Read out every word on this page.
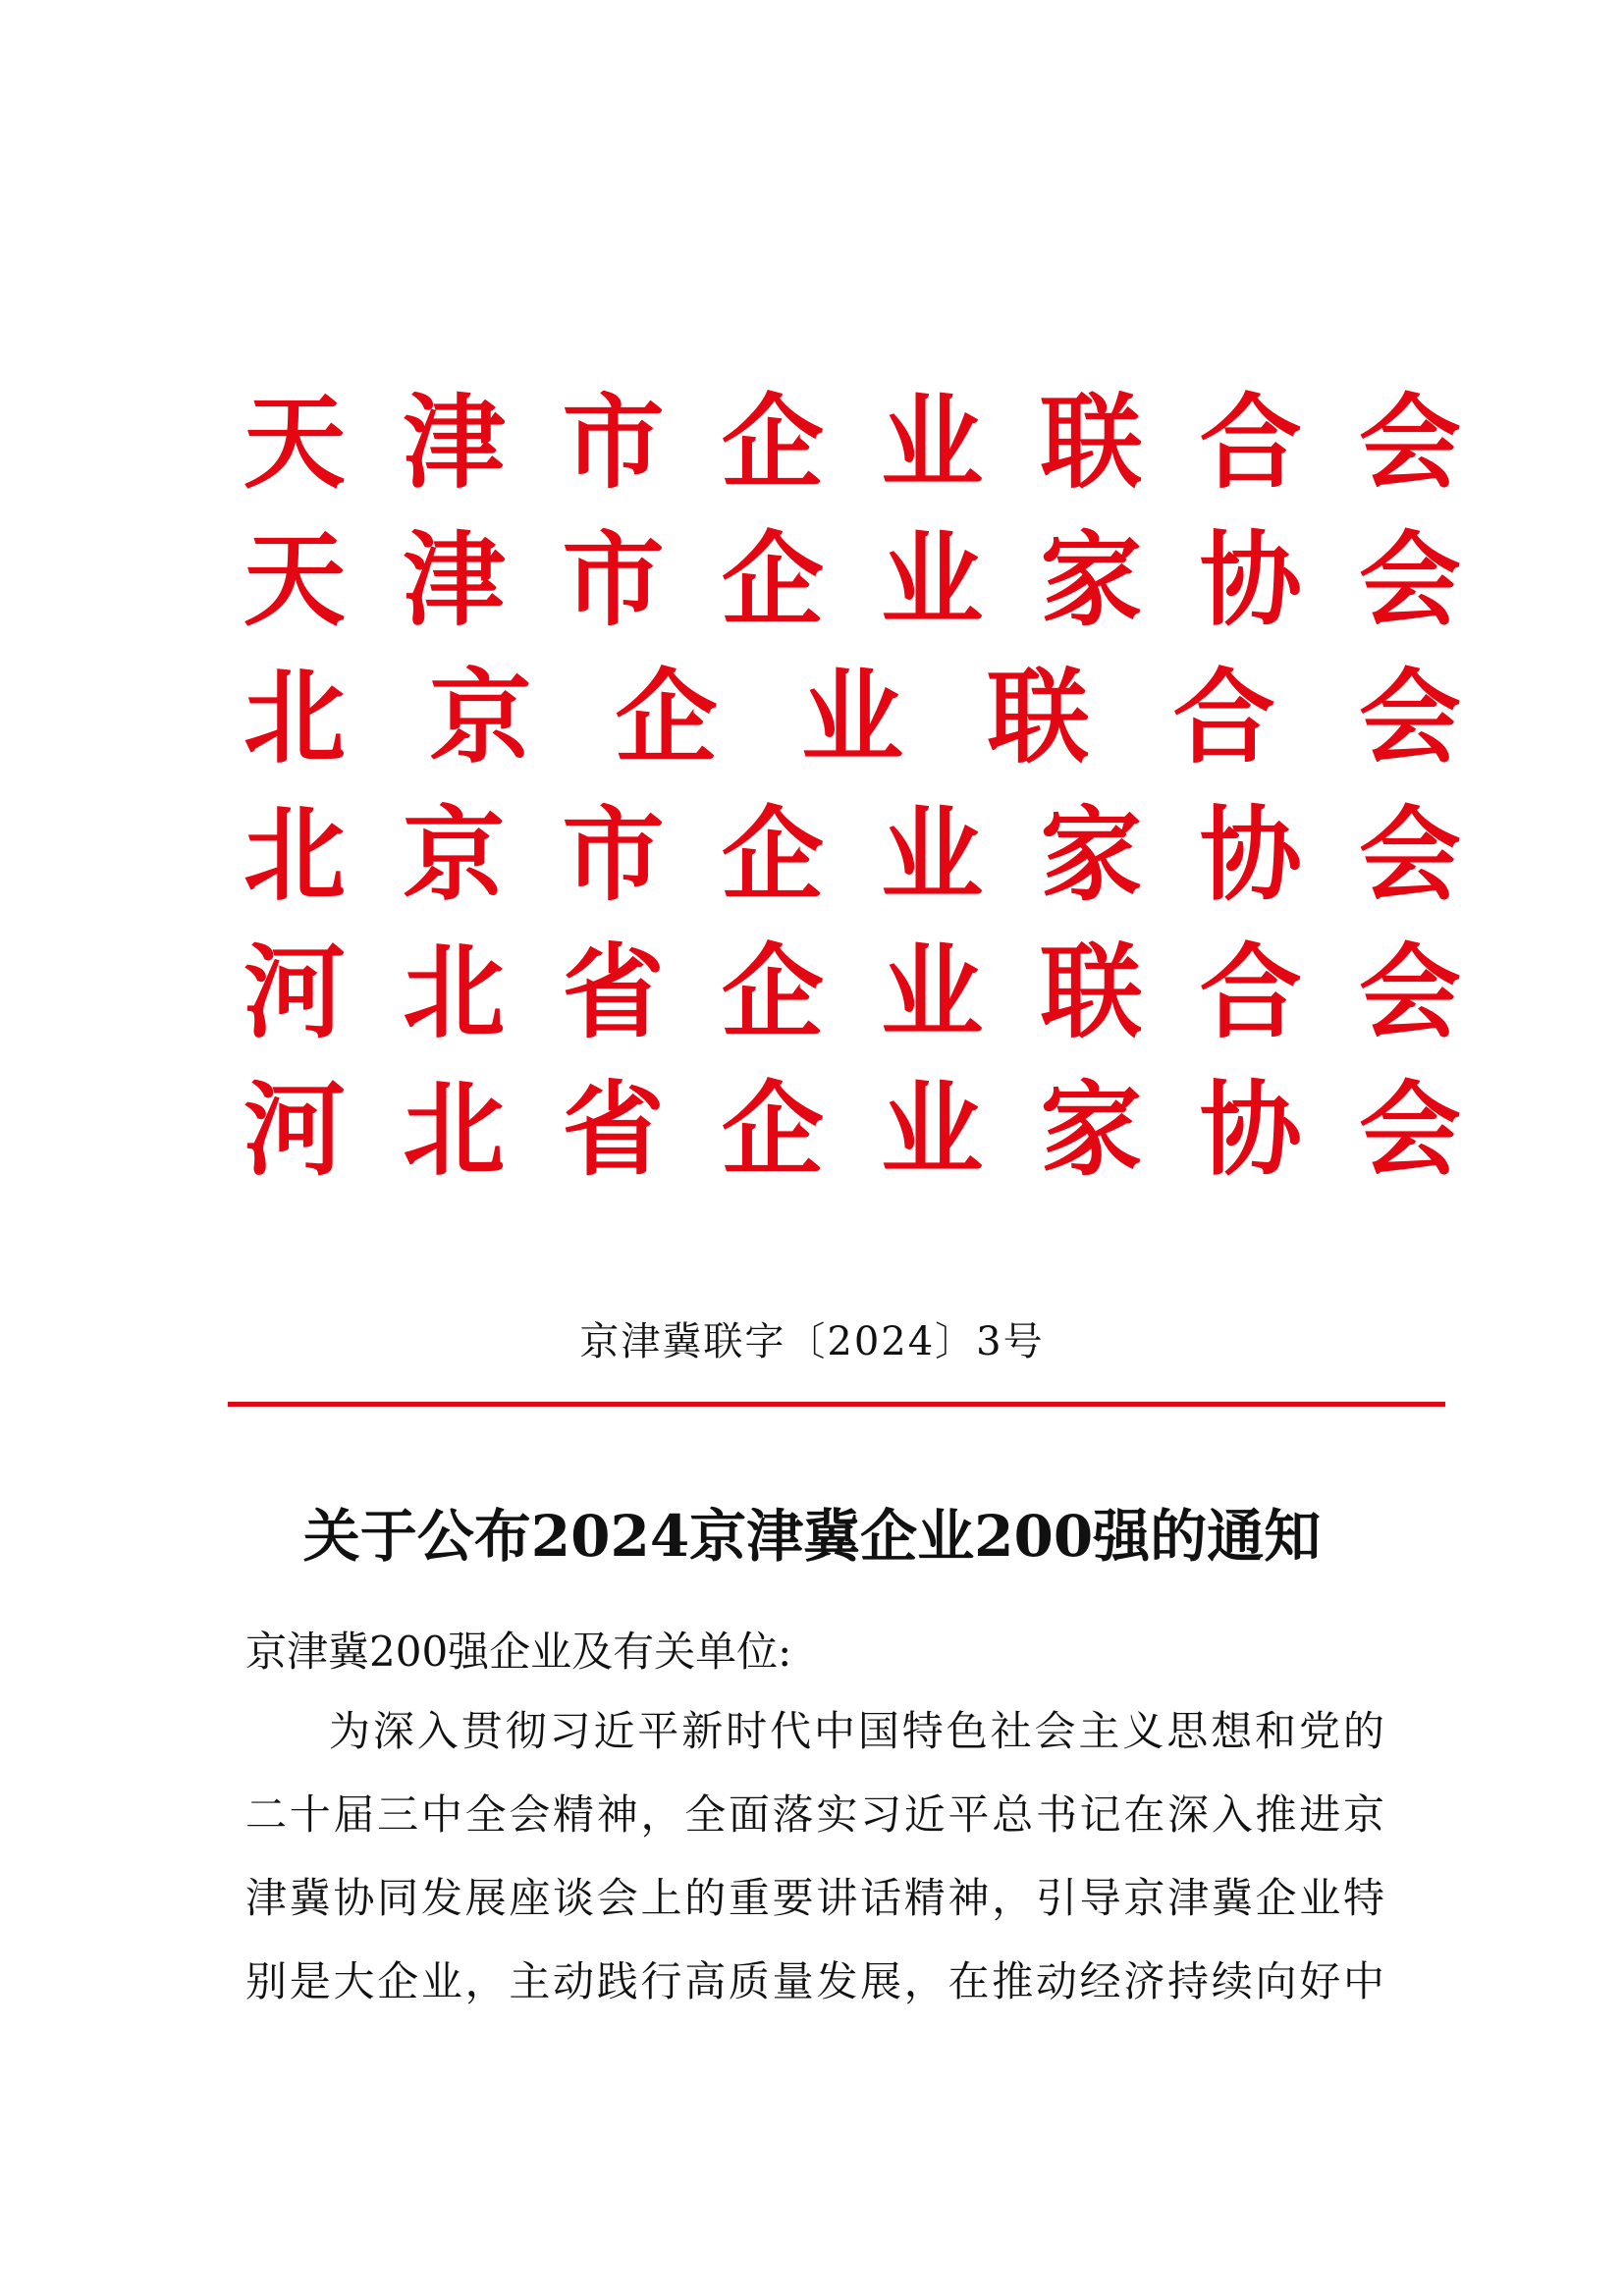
天 津 市 企 业 联 合 会
天 津 市 企 业 家 协 会
北 京 企 业 联 合 会
北 京 市 企 业 家 协 会
河 北 省 企 业 联 合 会
河 北 省 企 业 家 协 会
京津冀联字〔2024〕3号
关于公布2024京津冀企业200强的通知
京津冀200强企业及有关单位:
为 深 入 贯 彻 习 近 平 新 时 代 中 国 特 色 社 会 主 义 思 想 和 党 的
二 十 届 三 中 全 会 精 神 ， 全 面 落 实 习 近 平 总 书 记 在 深 入 推 进 京
津 冀 协 同 发 展 座 谈 会 上 的 重 要 讲 话 精 神 ， 引 导 京 津 冀 企 业 特
别 是 大 企 业 ， 主 动 践 行 高 质 量 发 展 ， 在 推 动 经 济 持 续 向 好 中
